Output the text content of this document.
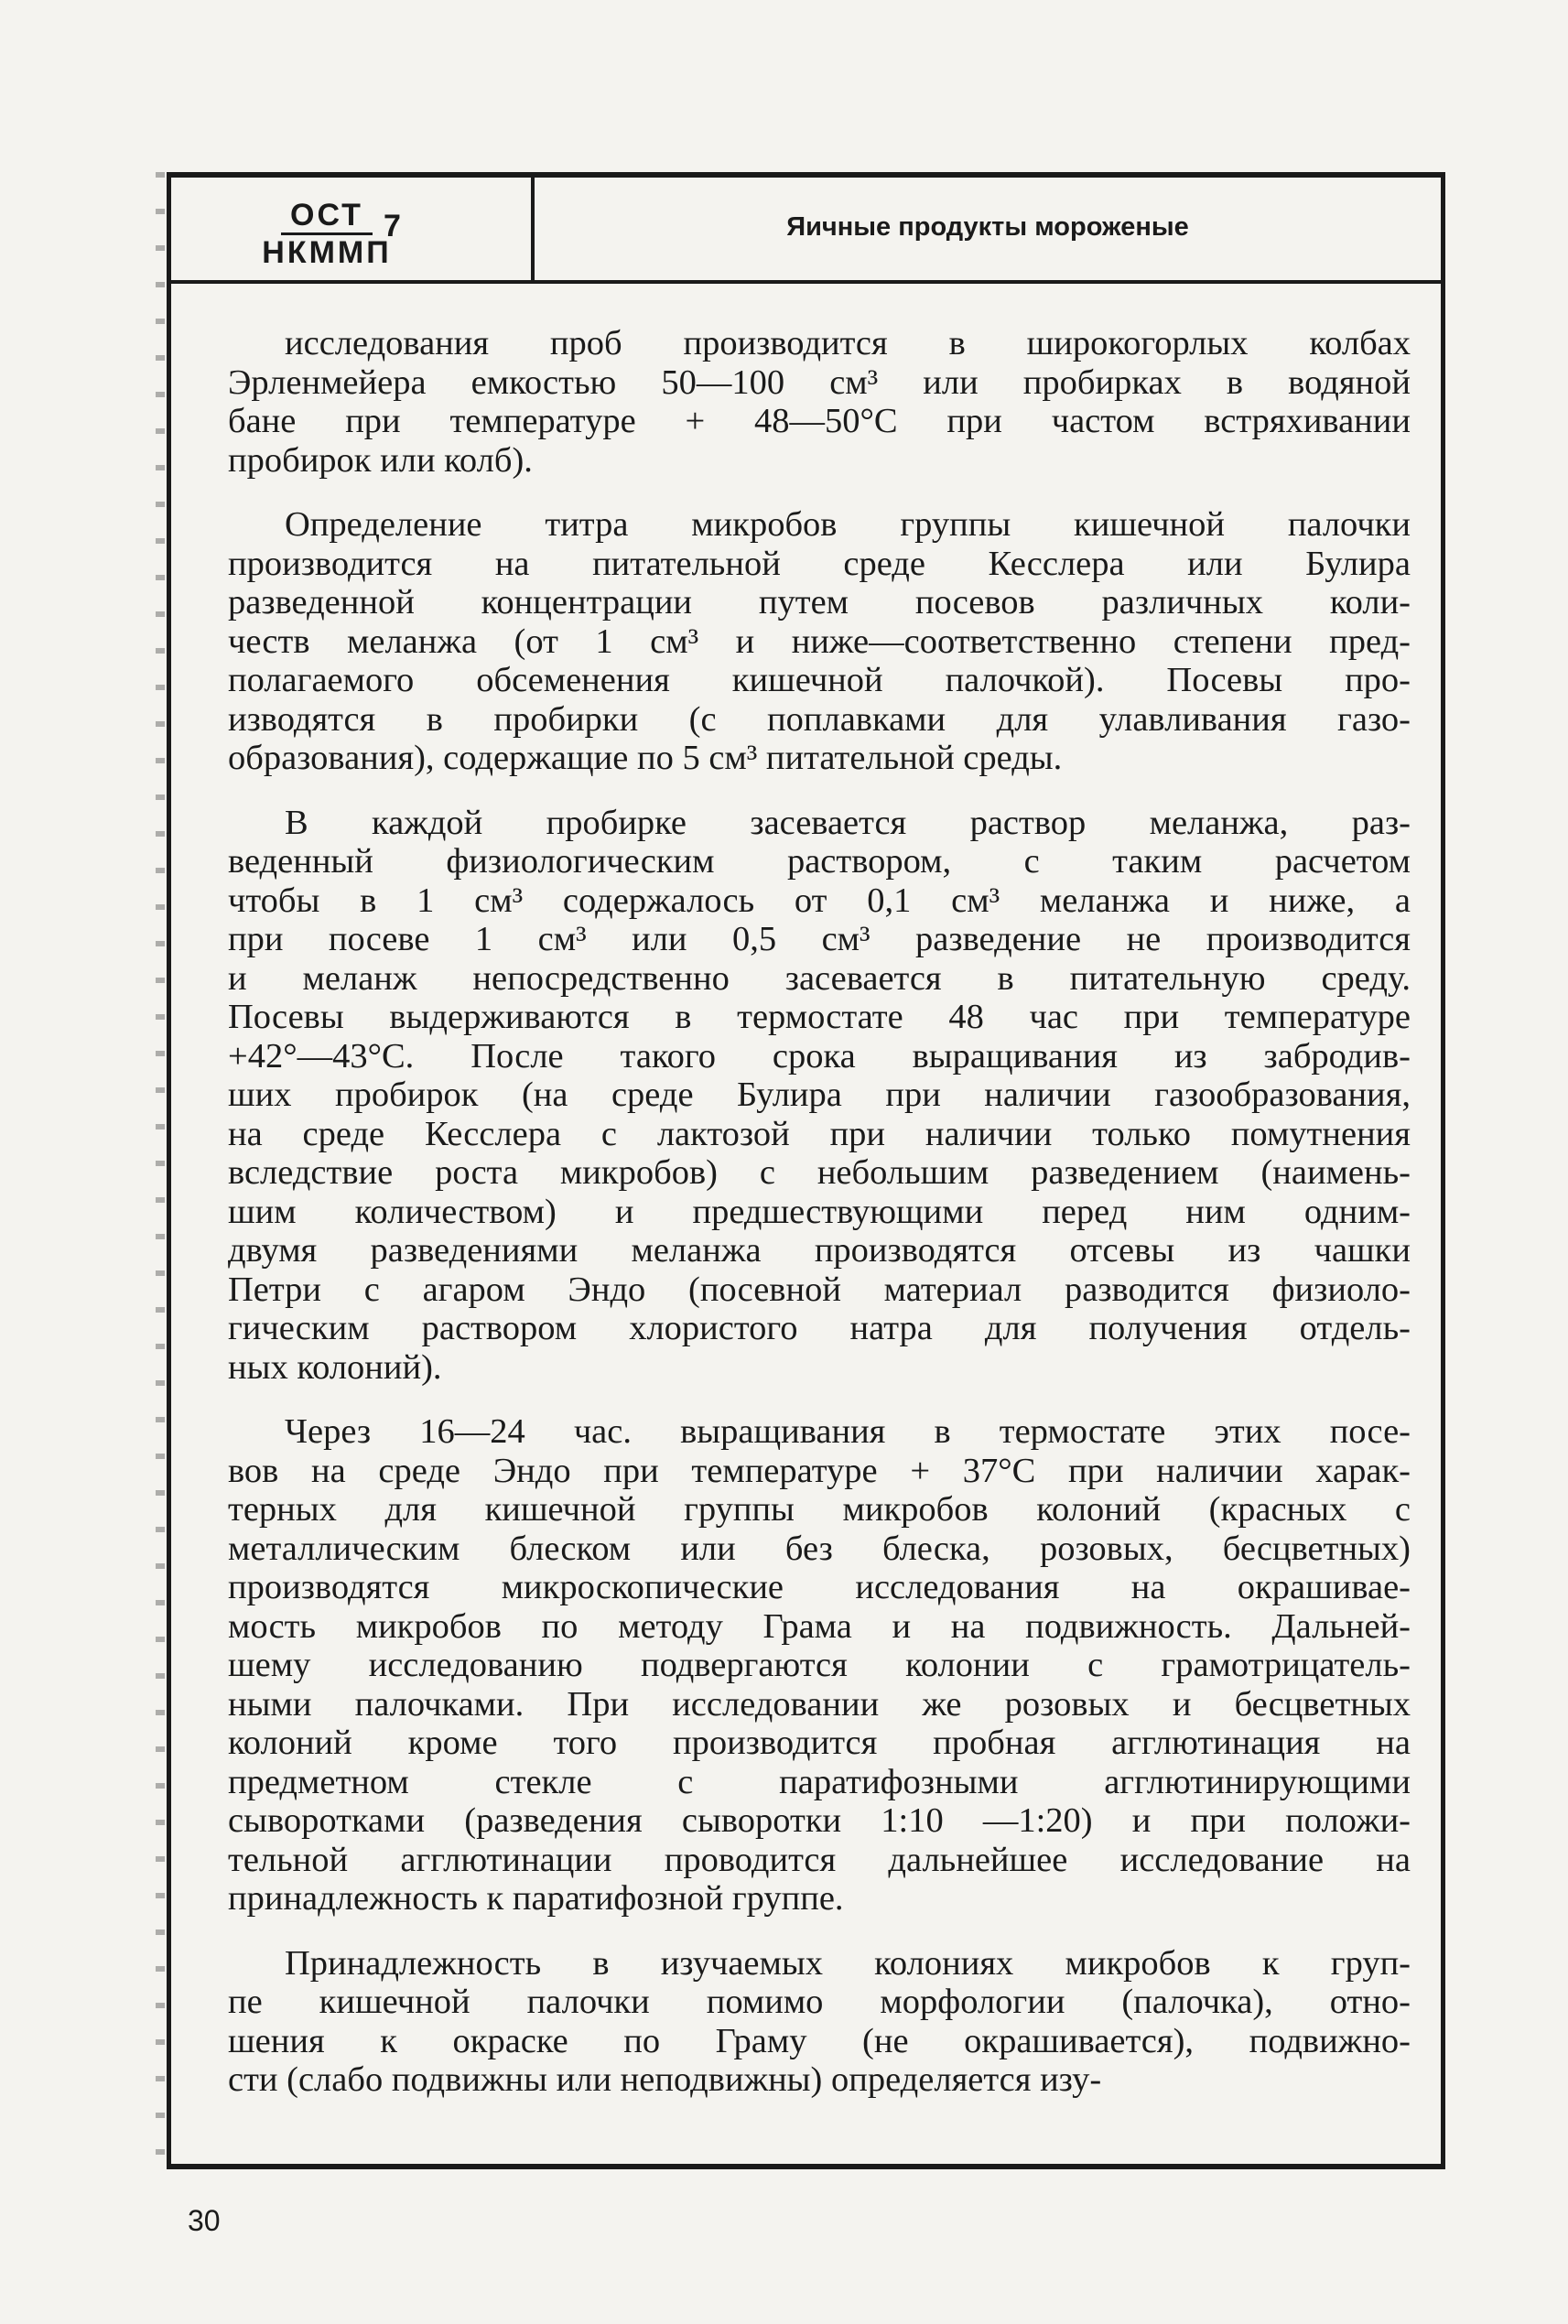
ОСТ
НКММП
7	Яичные продукты мороженые
исследования проб производится в широкогорлых колбах
Эрленмейера емкостью 50—100 см³ или пробирках в водяной
бане при температуре + 48—50°С при частом встряхивании
пробирок или колб).
Определение титра микробов группы кишечной палочки
производится на питательной среде Кесслера или Булира
разведенной концентрации путем посевов различных коли-
честв меланжа (от 1 см³ и ниже—соответственно степени пред-
полагаемого обсеменения кишечной палочкой). Посевы про-
изводятся в пробирки (с поплавками для улавливания газо-
образования), содержащие по 5 см³ питательной среды.
В каждой пробирке засевается раствор меланжа, раз-
веденный физиологическим раствором, с таким расчетом
чтобы в 1 см³ содержалось от 0,1 см³ меланжа и ниже, а
при посеве 1 см³ или 0,5 см³ разведение не производится
и меланж непосредственно засевается в питательную среду.
Посевы выдерживаются в термостате 48 час при температуре
+42°—43°С. После такого срока выращивания из забродив-
ших пробирок (на среде Булира при наличии газообразования,
на среде Кесслера с лактозой при наличии только помутнения
вследствие роста микробов) с небольшим разведением (наимень-
шим количеством) и предшествующими перед ним одним-
двумя разведениями меланжа производятся отсевы из чашки
Петри с агаром Эндо (посевной материал разводится физиоло-
гическим раствором хлористого натра для получения отдель-
ных колоний).
Через 16—24 час. выращивания в термостате этих посе-
вов на среде Эндо при температуре + 37°С при наличии харак-
терных для кишечной группы микробов колоний (красных с
металлическим блеском или без блеска, розовых, бесцветных)
производятся микроскопические исследования на окрашивае-
мость микробов по методу Грама и на подвижность. Дальней-
шему исследованию подвергаются колонии с грамотрицатель-
ными палочками. При исследовании же розовых и бесцветных
колоний кроме того производится пробная агглютинация на
предметном стекле с паратифозными агглютинирующими
сыворотками (разведения сыворотки 1:10 —1:20) и при положи-
тельной агглютинации проводится дальнейшее исследование на
принадлежность к паратифозной группе.
Принадлежность в изучаемых колониях микробов к груп-
пе кишечной палочки помимо морфологии (палочка), отно-
шения к окраске по Граму (не окрашивается), подвижно-
сти (слабо подвижны или неподвижны) определяется изу-
30
